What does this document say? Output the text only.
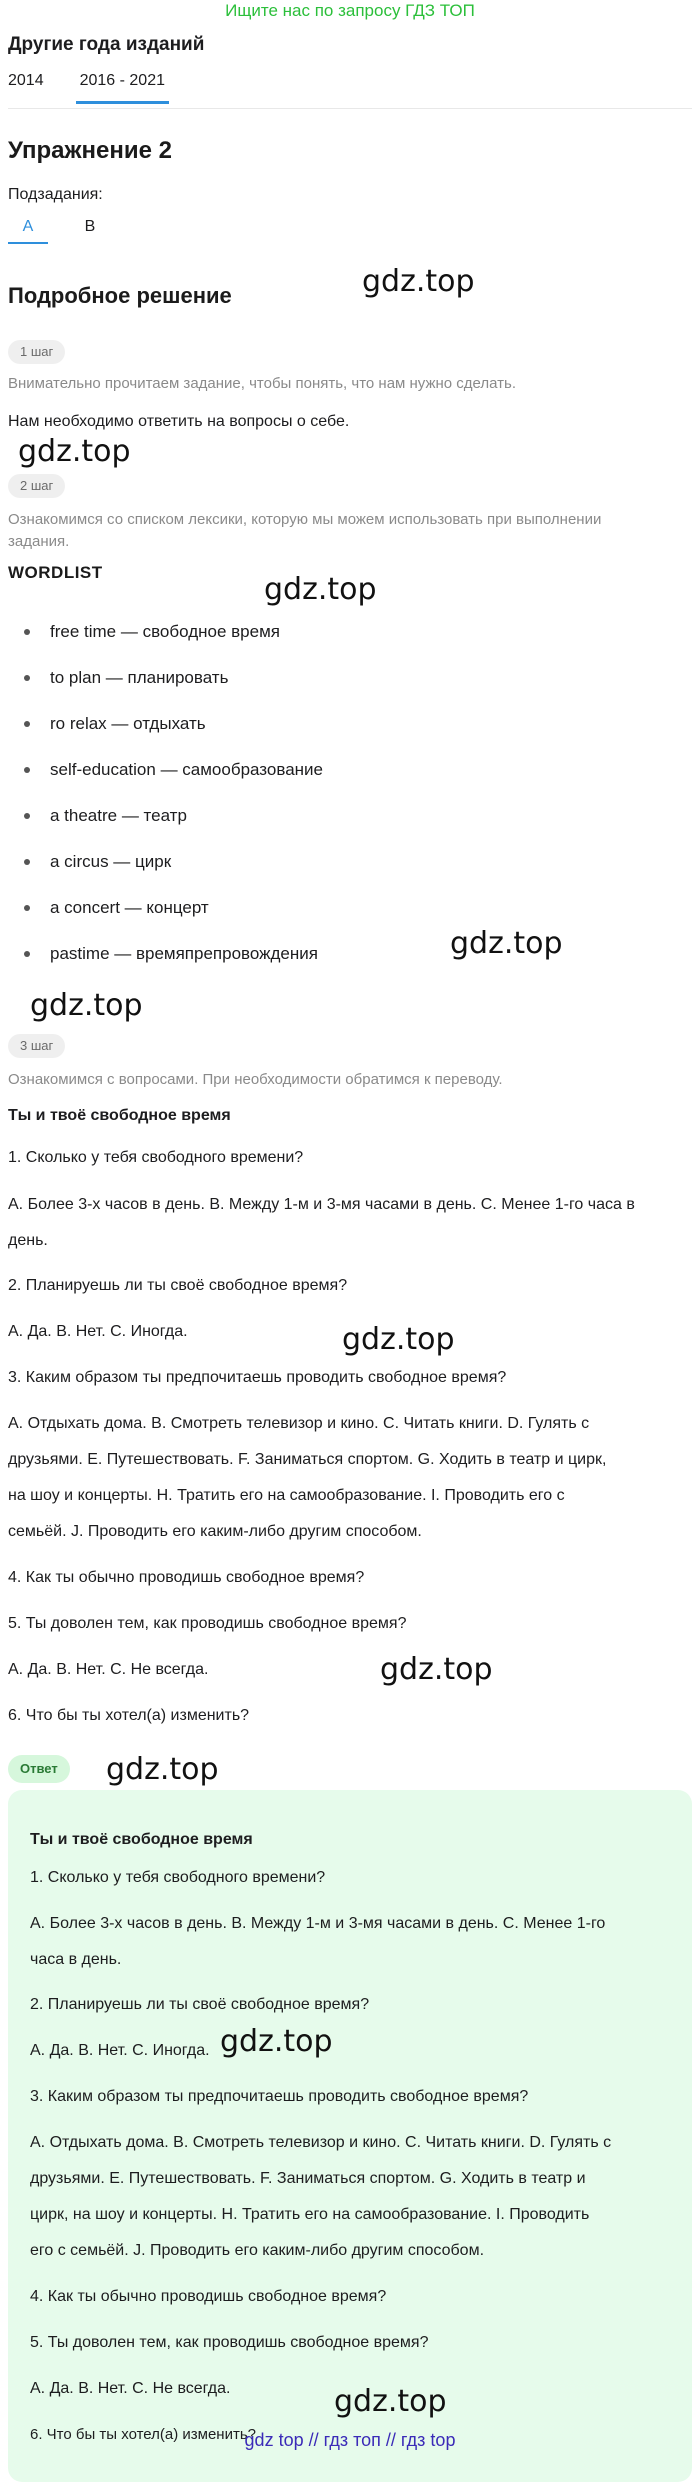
Ищите нас по запросу ГДЗ ТОП
Другие года изданий
2014 2016 - 2021
Упражнение 2
Подзадания:
A	B
Подробное решение	gdz.top
1 шаг
Внимательно прочитаем задание, чтобы понять, что нам нужно сделать.
Нам необходимо ответить на вопросы о себе.
gdz.top
2 шаг
Ознакомимся со списком лексики, которую мы можем использовать при выполнении
задания.
WORDLIST	gdz.top
free time — свободное время
to plan — планировать
ro relax — отдыхать
self-education — самообразование
a theatre — театр
a circus — цирк
a concert — концерт
pastime — времяпрепровождения	gdz.top
gdz.top
3 шаг
Ознакомимся с вопросами. При необходимости обратимся к переводу.
Ты и твоё свободное время
1. Сколько у тебя свободного времени?
A. Более 3-х часов в день. B. Между 1-м и 3-мя часами в день. C. Менее 1-го часа в
день.
2. Планируешь ли ты своё свободное время?
A. Да. B. Нет. C. Иногда.	gdz.top
3. Каким образом ты предпочитаешь проводить свободное время?
A. Отдыхать дома. B. Смотреть телевизор и кино. C. Читать книги. D. Гулять с
друзьями. E. Путешествовать. F. Заниматься спортом. G. Ходить в театр и цирк,
на шоу и концерты. H. Тратить его на самообразование. I. Проводить его с
семьёй. J. Проводить его каким-либо другим способом.
4. Как ты обычно проводишь свободное время?
5. Ты доволен тем, как проводишь свободное время?
A. Да. B. Нет. C. Не всегда.	gdz.top
6. Что бы ты хотел(а) изменить?
Ответ	gdz.top
Ты и твоё свободное время
1. Сколько у тебя свободного времени?
A. Более 3-х часов в день. B. Между 1-м и 3-мя часами в день. C. Менее 1-го
часа в день.
2. Планируешь ли ты своё свободное время?
A. Да. B. Нет. C. Иногда. gdz.top
3. Каким образом ты предпочитаешь проводить свободное время?
A. Отдыхать дома. B. Смотреть телевизор и кино. C. Читать книги. D. Гулять с
друзьями. E. Путешествовать. F. Заниматься спортом. G. Ходить в театр и
цирк, на шоу и концерты. H. Тратить его на самообразование. I. Проводить
его с семьёй. J. Проводить его каким-либо другим способом.
4. Как ты обычно проводишь свободное время?
5. Ты доволен тем, как проводишь свободное время?
A. Да. B. Нет. C. Не всегда.	gdz.top
6. Что бы ты хотел(а) изменить?
gdz top // гдз топ // гдз top
